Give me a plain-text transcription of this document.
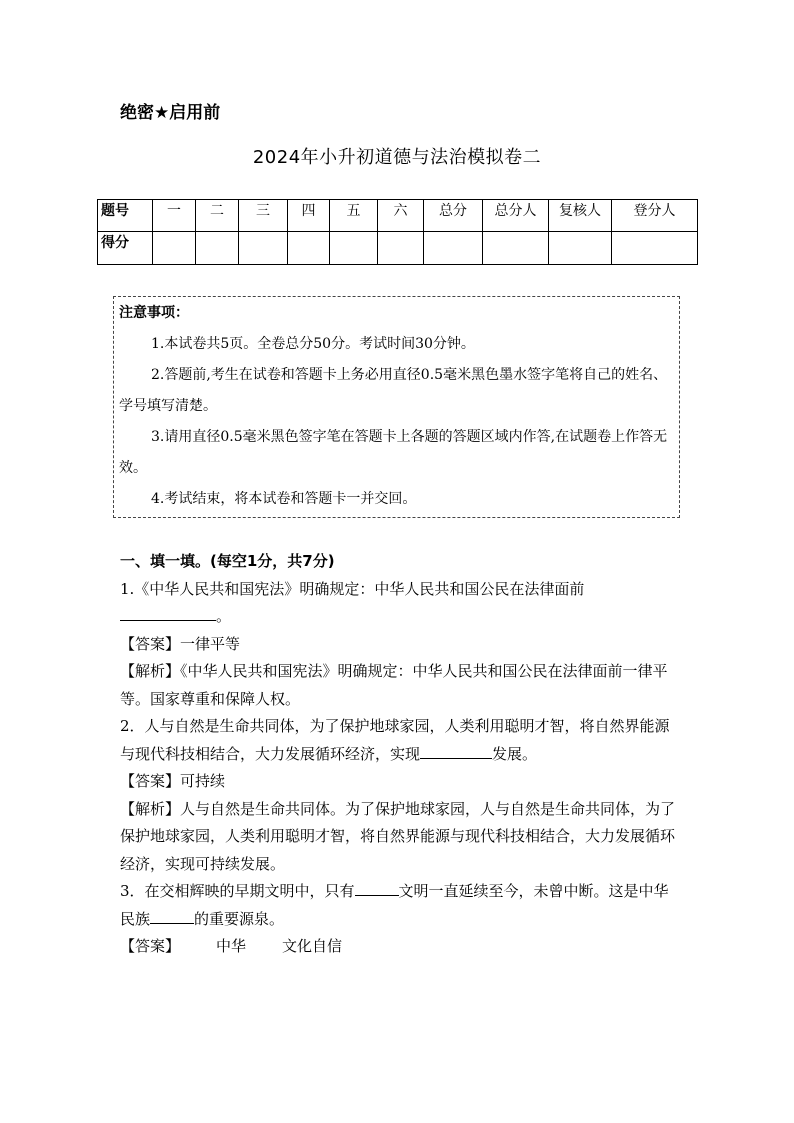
绝密★启用前
2024年小升初道德与法治模拟卷二
题号	一	二	三	四	五	六	总分	总分人	复核人	登分人
得分										
注意事项：

1.本试卷共5页。全卷总分50分。考试时间30分钟。

2.答题前,考生在试卷和答题卡上务必用直径0.5毫米黑色墨水签字笔将自己的姓名、学号填写清楚。

3.请用直径0.5毫米黑色签字笔在答题卡上各题的答题区域内作答,在试题卷上作答无效。

4.考试结束，将本试卷和答题卡一并交回。

一、填一填。(每空1分，共7分)

1.《中华人民共和国宪法》明确规定：中华人民共和国公民在法律面前。

【答案】一律平等

【解析】《中华人民共和国宪法》明确规定：中华人民共和国公民在法律面前一律平等。国家尊重和保障人权。

2．人与自然是生命共同体，为了保护地球家园，人类利用聪明才智，将自然界能源与现代科技相结合，大力发展循环经济，实现	发展。

【答案】可持续

【解析】人与自然是生命共同体。为了保护地球家园，人与自然是生命共同体，为了保护地球家园，人类利用聪明才智，将自然界能源与现代科技相结合，大力发展循环经济，实现可持续发展。

3．在交相辉映的早期文明中，只有	文明一直延续至今，未曾中断。这是中华民族	的重要源泉。

【答案】 中华 文化自信
